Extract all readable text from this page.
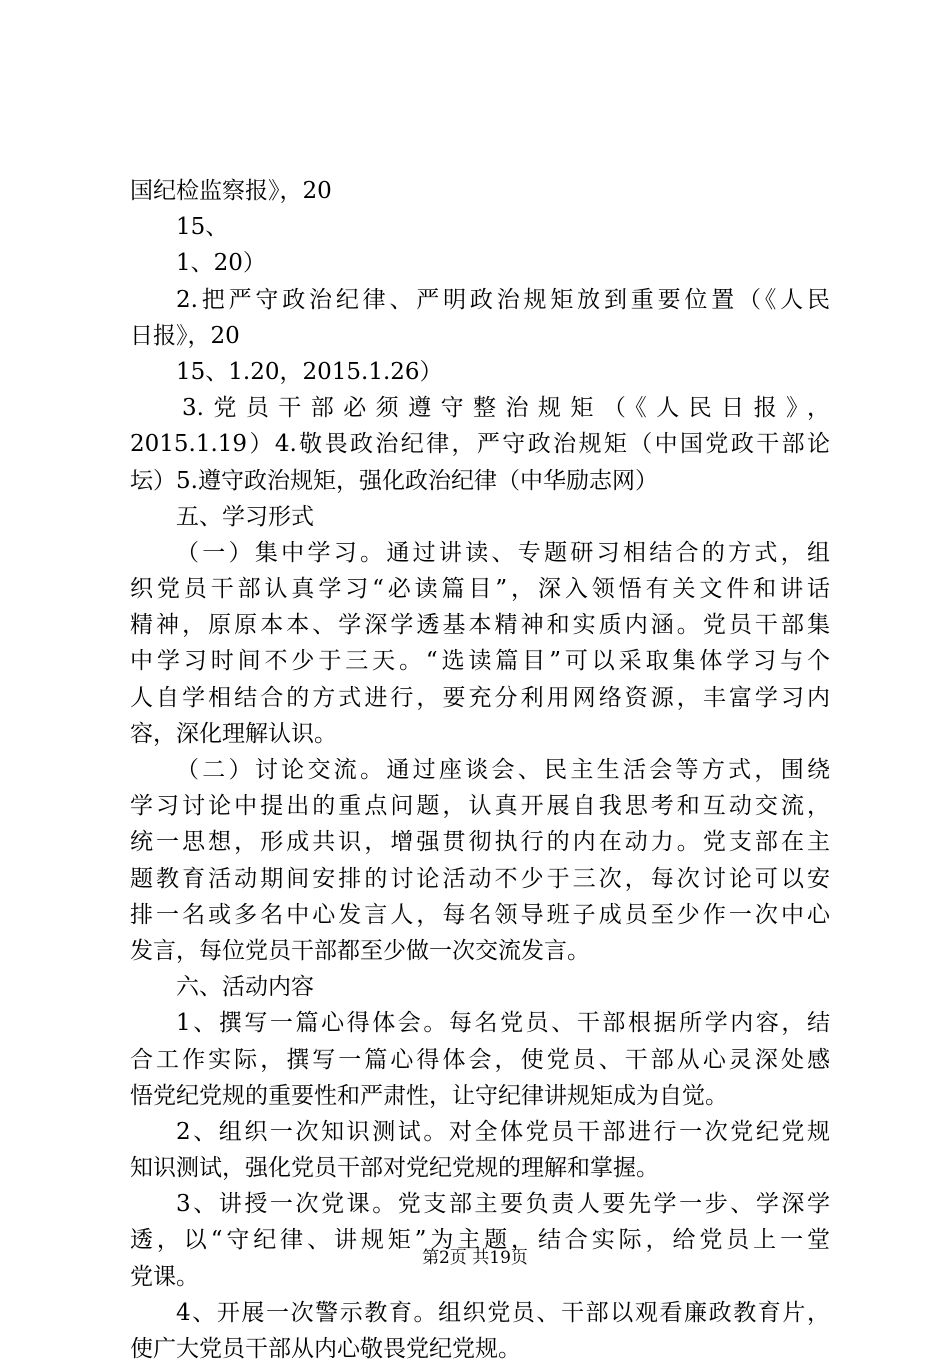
国纪检监察报》，20
15、
1、20）
2.把严守政治纪律、严明政治规矩放到重要位置（《人民
日报》，20
15、1.20，2015.1.26）
3.党员干部必须遵守整治规矩（《人民日报》，
2015.1.19）4.敬畏政治纪律，严守政治规矩（中国党政干部论
坛）5.遵守政治规矩，强化政治纪律（中华励志网）
五、学习形式
（一）集中学习。通过讲读、专题研习相结合的方式，组
织党员干部认真学习“必读篇目”，深入领悟有关文件和讲话
精神，原原本本、学深学透基本精神和实质内涵。党员干部集
中学习时间不少于三天。“选读篇目”可以采取集体学习与个
人自学相结合的方式进行，要充分利用网络资源，丰富学习内
容，深化理解认识。
（二）讨论交流。通过座谈会、民主生活会等方式，围绕
学习讨论中提出的重点问题，认真开展自我思考和互动交流，
统一思想，形成共识，增强贯彻执行的内在动力。党支部在主
题教育活动期间安排的讨论活动不少于三次，每次讨论可以安
排一名或多名中心发言人，每名领导班子成员至少作一次中心
发言，每位党员干部都至少做一次交流发言。
六、活动内容
1、撰写一篇心得体会。每名党员、干部根据所学内容，结
合工作实际，撰写一篇心得体会，使党员、干部从心灵深处感
悟党纪党规的重要性和严肃性，让守纪律讲规矩成为自觉。
2、组织一次知识测试。对全体党员干部进行一次党纪党规
知识测试，强化党员干部对党纪党规的理解和掌握。
3、讲授一次党课。党支部主要负责人要先学一步、学深学
透，以“守纪律、讲规矩”为主题，结合实际，给党员上一堂
党课。
4、开展一次警示教育。组织党员、干部以观看廉政教育片，
使广大党员干部从内心敬畏党纪党规。
第2页 共19页
